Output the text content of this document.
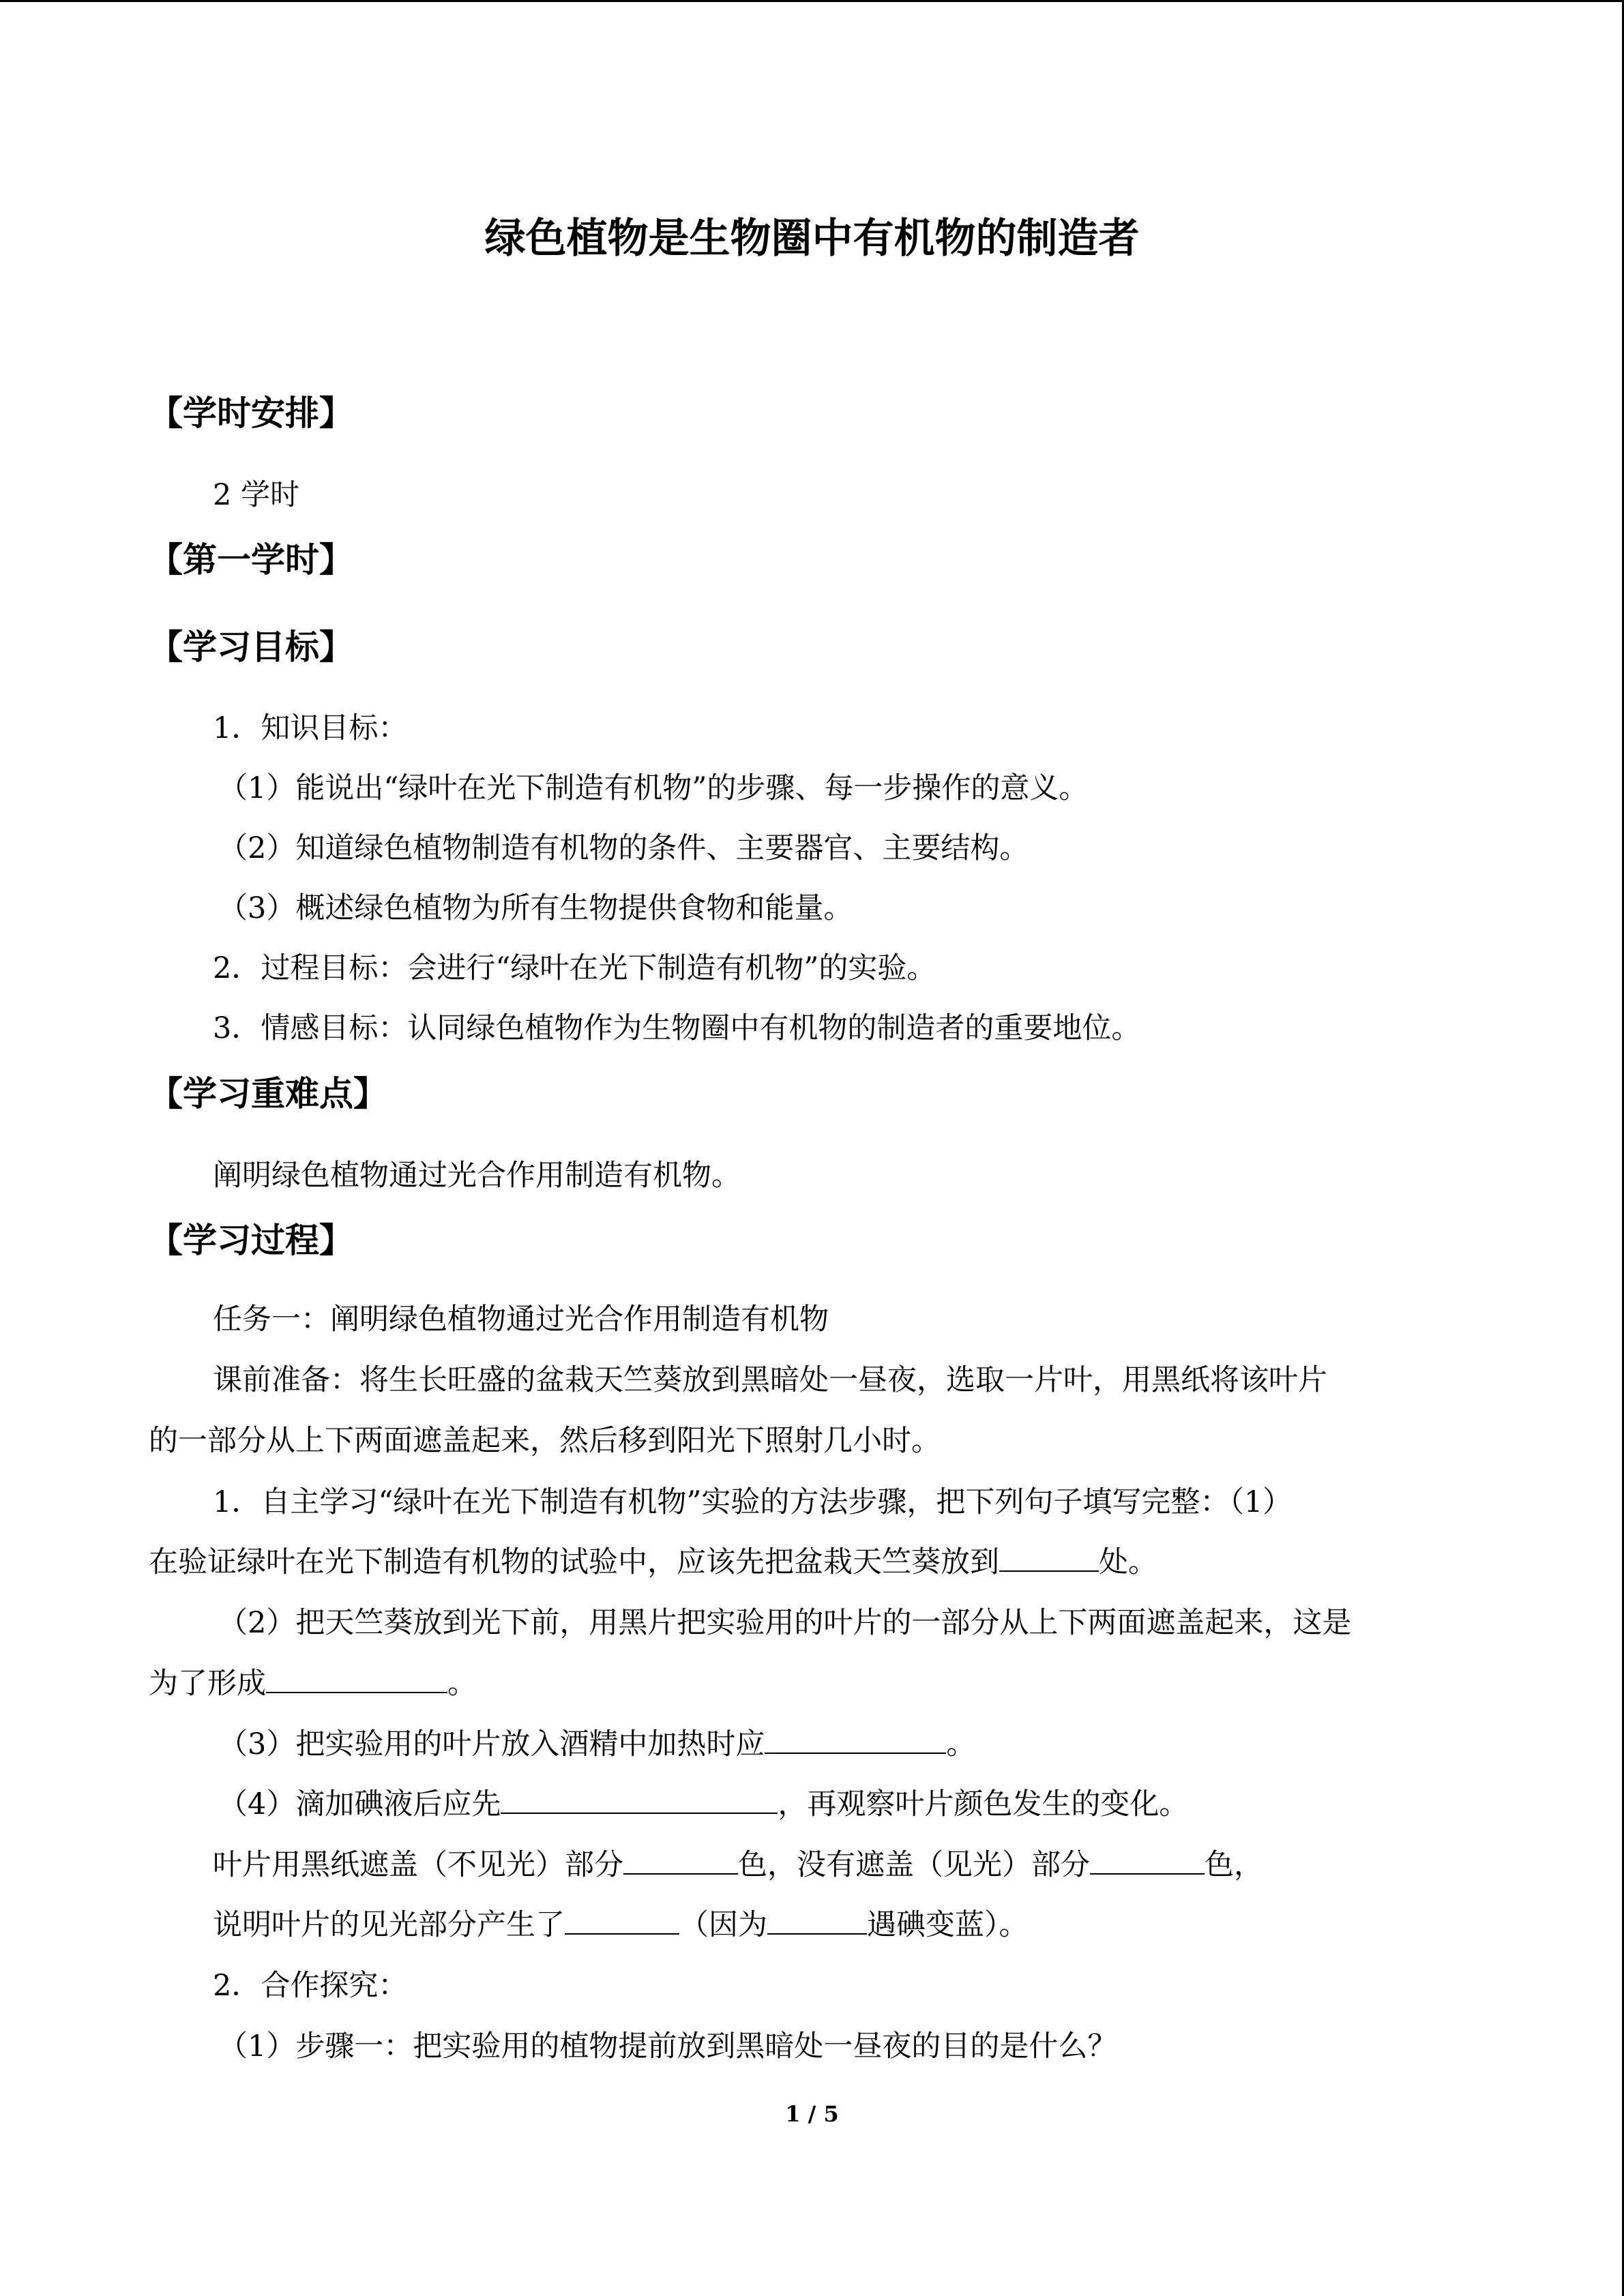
绿色植物是生物圈中有机物的制造者
【学时安排】
2 学时
【第一学时】
【学习目标】
1．知识目标：
（1）能说出“绿叶在光下制造有机物”的步骤、每一步操作的意义。
（2）知道绿色植物制造有机物的条件、主要器官、主要结构。
（3）概述绿色植物为所有生物提供食物和能量。
2．过程目标：会进行“绿叶在光下制造有机物”的实验。
3．情感目标：认同绿色植物作为生物圈中有机物的制造者的重要地位。
【学习重难点】
阐明绿色植物通过光合作用制造有机物。
【学习过程】
任务一：阐明绿色植物通过光合作用制造有机物
课前准备：将生长旺盛的盆栽天竺葵放到黑暗处一昼夜，选取一片叶，用黑纸将该叶片
的一部分从上下两面遮盖起来，然后移到阳光下照射几小时。
1．自主学习“绿叶在光下制造有机物”实验的方法步骤，把下列句子填写完整：（1）
在验证绿叶在光下制造有机物的试验中，应该先把盆栽天竺葵放到	处。
（2）把天竺葵放到光下前，用黑片把实验用的叶片的一部分从上下两面遮盖起来，这是
为了形成	。
（3）把实验用的叶片放入酒精中加热时应	。
（4）滴加碘液后应先	，再观察叶片颜色发生的变化。
叶片用黑纸遮盖（不见光）部分	色，没有遮盖（见光）部分	色，
说明叶片的见光部分产生了	（因为	遇碘变蓝）。
2．合作探究：
（1）步骤一：把实验用的植物提前放到黑暗处一昼夜的目的是什么？
1 / 5
